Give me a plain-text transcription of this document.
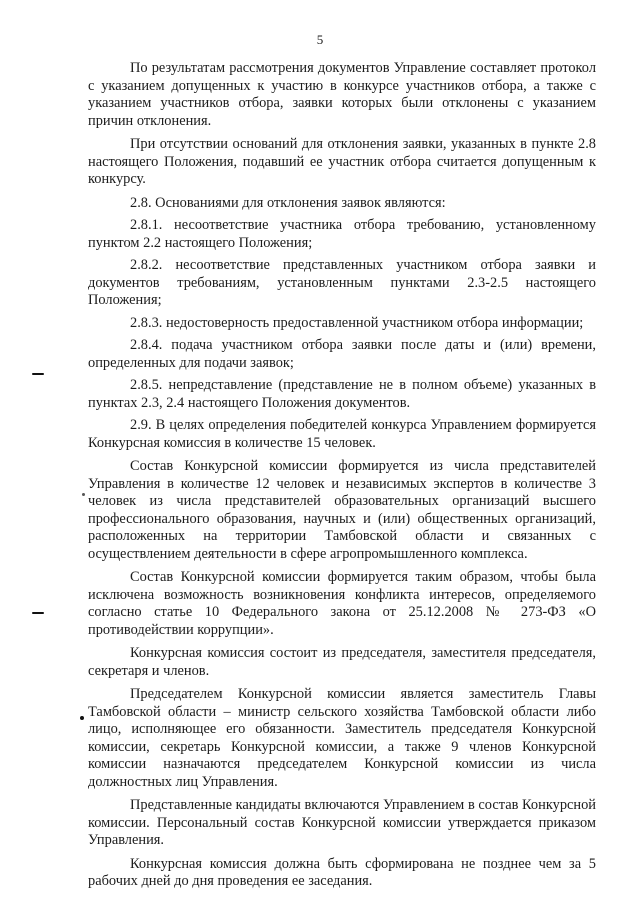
5

По результатам рассмотрения документов Управление составляет протокол с указанием допущенных к участию в конкурсе участников отбора, а также с указанием участников отбора, заявки которых были отклонены с указанием причин отклонения.

При отсутствии оснований для отклонения заявки, указанных в пункте 2.8 настоящего Положения, подавший ее участник отбора считается допущенным к конкурсу.

2.8. Основаниями для отклонения заявок являются:

2.8.1. несоответствие участника отбора требованию, установленному пунктом 2.2 настоящего Положения;

2.8.2. несоответствие представленных участником отбора заявки и документов требованиям, установленным пунктами 2.3-2.5 настоящего Положения;

2.8.3. недостоверность предоставленной участником отбора информации;

2.8.4. подача участником отбора заявки после даты и (или) времени, определенных для подачи заявок;

2.8.5. непредставление (представление не в полном объеме) указанных в пунктах 2.3, 2.4 настоящего Положения документов.

2.9. В целях определения победителей конкурса Управлением формируется Конкурсная комиссия в количестве 15 человек.

Состав Конкурсной комиссии формируется из числа представителей Управления в количестве 12 человек и независимых экспертов в количестве 3 человек из числа представителей образовательных организаций высшего профессионального образования, научных и (или) общественных организаций, расположенных на территории Тамбовской области и связанных с осуществлением деятельности в сфере агропромышленного комплекса.

Состав Конкурсной комиссии формируется таким образом, чтобы была исключена возможность возникновения конфликта интересов, определяемого согласно статье 10 Федерального закона от 25.12.2008 № 273-ФЗ «О противодействии коррупции».

Конкурсная комиссия состоит из председателя, заместителя председателя, секретаря и членов.

Председателем Конкурсной комиссии является заместитель Главы Тамбовской области – министр сельского хозяйства Тамбовской области либо лицо, исполняющее его обязанности. Заместитель председателя Конкурсной комиссии, секретарь Конкурсной комиссии, а также 9 членов Конкурсной комиссии назначаются председателем Конкурсной комиссии из числа должностных лиц Управления.

Представленные кандидаты включаются Управлением в состав Конкурсной комиссии. Персональный состав Конкурсной комиссии утверждается приказом Управления.

Конкурсная комиссия должна быть сформирована не позднее чем за 5 рабочих дней до дня проведения ее заседания.
